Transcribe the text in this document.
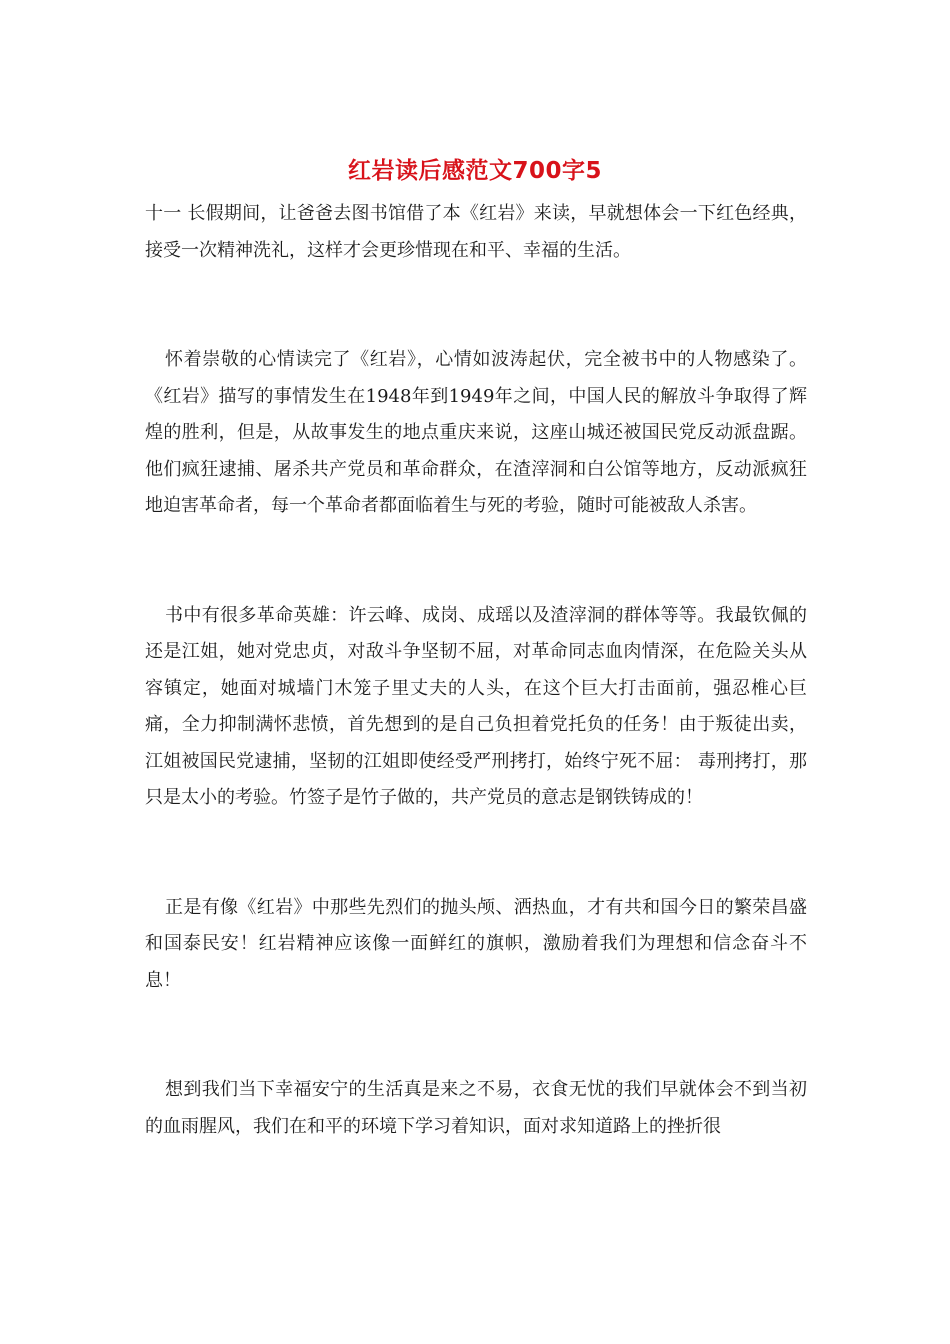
红岩读后感范文700字5

十一 长假期间，让爸爸去图书馆借了本《红岩》来读，早就想体会一下红色经典，接受一次精神洗礼，这样才会更珍惜现在和平、幸福的生活。

怀着崇敬的心情读完了《红岩》，心情如波涛起伏，完全被书中的人物感染了。《红岩》描写的事情发生在1948年到1949年之间，中国人民的解放斗争取得了辉煌的胜利，但是，从故事发生的地点重庆来说，这座山城还被国民党反动派盘踞。他们疯狂逮捕、屠杀共产党员和革命群众，在渣滓洞和白公馆等地方，反动派疯狂地迫害革命者，每一个革命者都面临着生与死的考验，随时可能被敌人杀害。

书中有很多革命英雄：许云峰、成岗、成瑶以及渣滓洞的群体等等。我最钦佩的还是江姐，她对党忠贞，对敌斗争坚韧不屈，对革命同志血肉情深，在危险关头从容镇定，她面对城墙门木笼子里丈夫的人头，在这个巨大打击面前，强忍椎心巨痛，全力抑制满怀悲愤，首先想到的是自己负担着党托负的任务！由于叛徒出卖，江姐被国民党逮捕，坚韧的江姐即使经受严刑拷打，始终宁死不屈： 毒刑拷打，那只是太小的考验。竹签子是竹子做的，共产党员的意志是钢铁铸成的！

正是有像《红岩》中那些先烈们的抛头颅、洒热血，才有共和国今日的繁荣昌盛和国泰民安！红岩精神应该像一面鲜红的旗帜，激励着我们为理想和信念奋斗不息！

想到我们当下幸福安宁的生活真是来之不易，衣食无忧的我们早就体会不到当初的血雨腥风，我们在和平的环境下学习着知识，面对求知道路上的挫折很
